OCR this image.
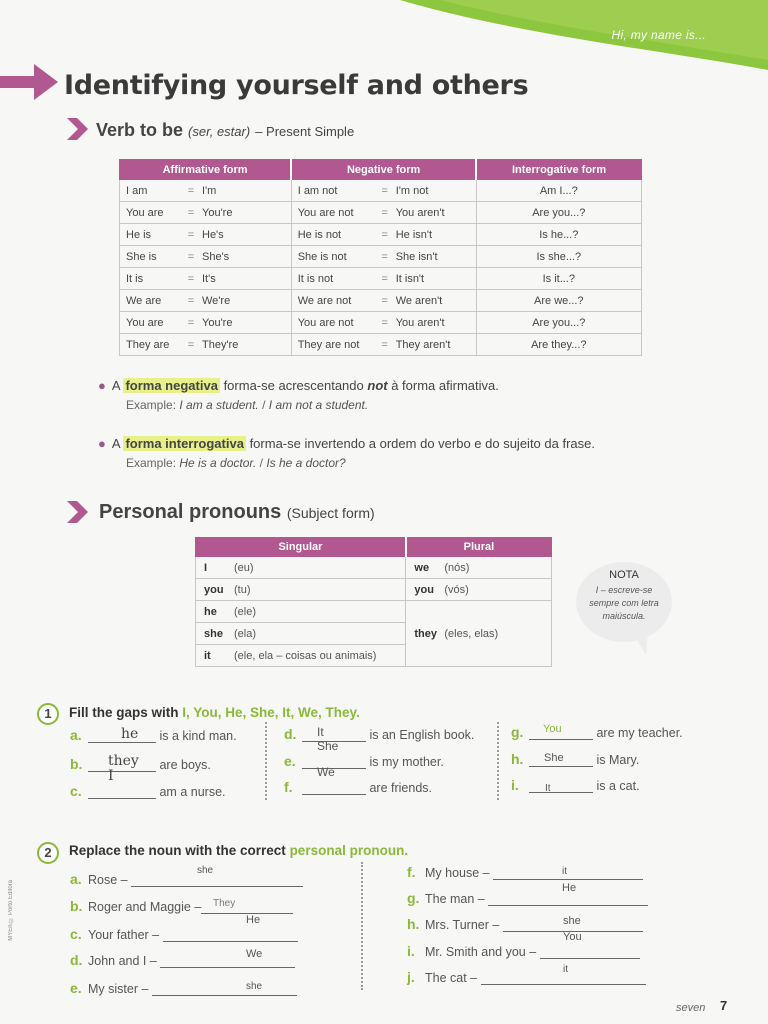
Hi, my name is...
Identifying yourself and others
Verb to be (ser, estar) – Present Simple
Affirmative form	Negative form	Interrogative form

I am = I'm	I am not = I'm not	Am I...?

You are = You're	You are not = You aren't	Are you...?

He is = He's	He is not = He isn't	Is he...?

She is = She's	She is not = She isn't	Is she...?

It is = It's	It is not = It isn't	Is it...?

We are = We're	We are not = We aren't	Are we...?

You are = You're	You are not = You aren't	Are you...?

They are = They're	They are not = They aren't	Are they...?
● A forma negativa forma-se acrescentando not à forma afirmativa.
Example: I am a student. / I am not a student.
● A forma interrogativa forma-se invertendo a ordem do verbo e do sujeito da frase.
Example: He is a doctor. / Is he a doctor?
Personal pronouns (Subject form)
Singular	Plural
I (eu)	we (nós)
you (tu)	you (vós)
he (ele)	they (eles, elas)
she (ela)	
it (ele, ela – coisas ou animais)	
NOTA
I – escreve-se sempre com letra maiúscula.
1	Fill the gaps with I, You, He, She, It, We, They.
a.	is a kind man.
he
b.	are boys.
they
c.	am a nurse.
I
d.	is an English book.
It
e.	is my mother.
She
f.	are friends.
We
g.	are my teacher.
You
h.	is Mary.
She
i.	is a cat.
It
2	Replace the noun with the correct personal pronoun.
a. Rose –
she
b. Roger and Maggie –	They
c. Your father –
He
d. John and I –	We
e. My sister –	she
f. My house –	it
g. The man –
He
h. Mrs. Turner –	she
i. Mr. Smith and you –
You
j. The cat –
it
MYEn © Porto Editora
seven 7
